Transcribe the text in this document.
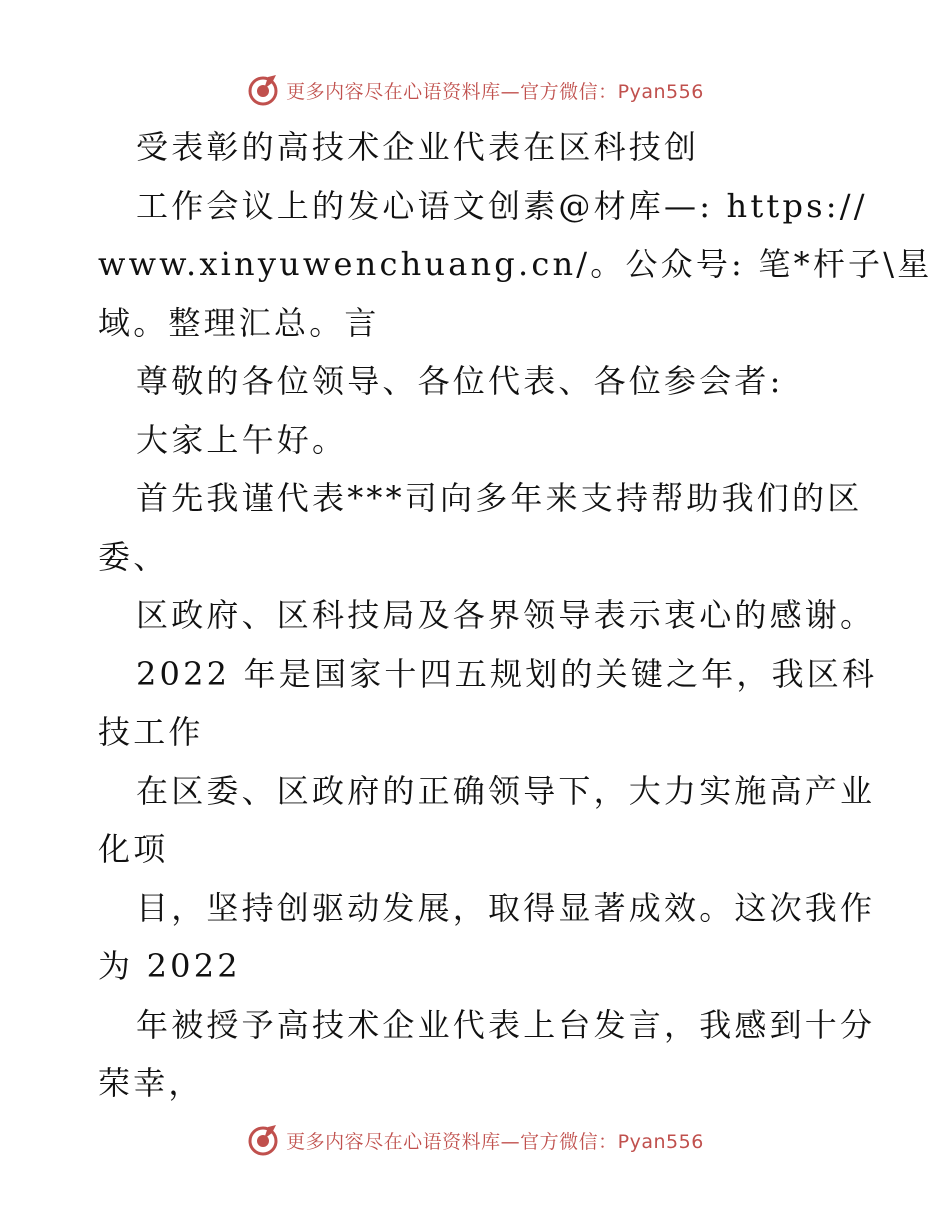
更多内容尽在心语资料库—官方微信：Pyan556
受表彰的高技术企业代表在区科技创
工作会议上的发心语文创素@材库—: https://
www.xinyuwenchuang.cn/。公众号: 笔*杆子\星
域。整理汇总。言
尊敬的各位领导、各位代表、各位参会者:
大家上午好。
首先我谨代表***司向多年来支持帮助我们的区
委、
区政府、区科技局及各界领导表示衷心的感谢。
2022 年是国家十四五规划的关键之年，我区科
技工作
在区委、区政府的正确领导下，大力实施高产业
化项
目，坚持创驱动发展，取得显著成效。这次我作
为 2022
年被授予高技术企业代表上台发言，我感到十分
荣幸，
更多内容尽在心语资料库—官方微信：Pyan556
